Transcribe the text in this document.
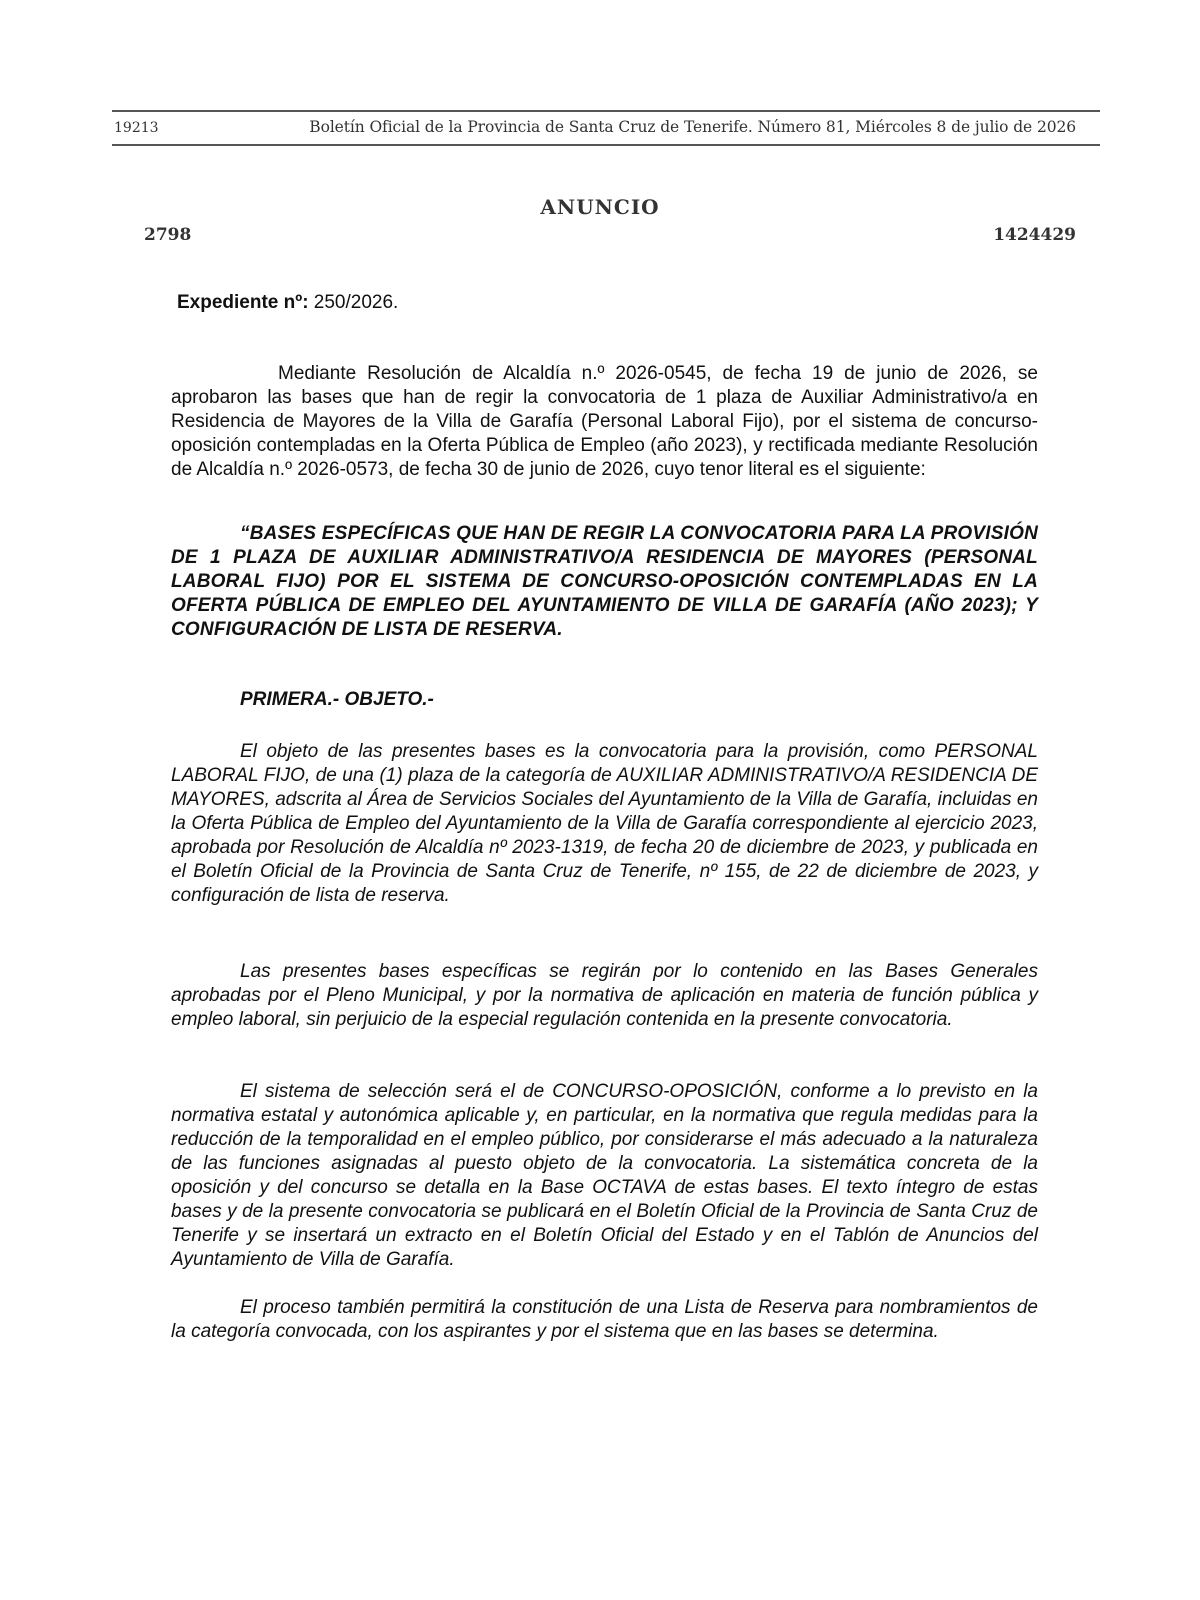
19213	Boletín Oficial de la Provincia de Santa Cruz de Tenerife. Número 81, Miércoles 8 de julio de 2026
ANUNCIO
2798	1424429
Expediente nº: 250/2026.

Mediante Resolución de Alcaldía n.º 2026-0545, de fecha 19 de junio de 2026, se aprobaron las bases que han de regir la convocatoria de 1 plaza de Auxiliar Administrativo/a en Residencia de Mayores de la Villa de Garafía (Personal Laboral Fijo), por el sistema de concurso-oposición contempladas en la Oferta Pública de Empleo (año 2023), y rectificada mediante Resolución de Alcaldía n.º 2026-0573, de fecha 30 de junio de 2026, cuyo tenor literal es el siguiente:

“BASES ESPECÍFICAS QUE HAN DE REGIR LA CONVOCATORIA PARA LA PROVISIÓN DE 1 PLAZA DE AUXILIAR ADMINISTRATIVO/A RESIDENCIA DE MAYORES (PERSONAL LABORAL FIJO) POR EL SISTEMA DE CONCURSO-OPOSICIÓN CONTEMPLADAS EN LA OFERTA PÚBLICA DE EMPLEO DEL AYUNTAMIENTO DE VILLA DE GARAFÍA (AÑO 2023); Y CONFIGURACIÓN DE LISTA DE RESERVA.

PRIMERA.- OBJETO.-

El objeto de las presentes bases es la convocatoria para la provisión, como PERSONAL LABORAL FIJO, de una (1) plaza de la categoría de AUXILIAR ADMINISTRATIVO/A RESIDENCIA DE MAYORES, adscrita al Área de Servicios Sociales del Ayuntamiento de la Villa de Garafía, incluidas en la Oferta Pública de Empleo del Ayuntamiento de la Villa de Garafía correspondiente al ejercicio 2023, aprobada por Resolución de Alcaldía nº 2023-1319, de fecha 20 de diciembre de 2023, y publicada en el Boletín Oficial de la Provincia de Santa Cruz de Tenerife, nº 155, de 22 de diciembre de 2023, y configuración de lista de reserva.

Las presentes bases específicas se regirán por lo contenido en las Bases Generales aprobadas por el Pleno Municipal, y por la normativa de aplicación en materia de función pública y empleo laboral, sin perjuicio de la especial regulación contenida en la presente convocatoria.

El sistema de selección será el de CONCURSO-OPOSICIÓN, conforme a lo previsto en la normativa estatal y autonómica aplicable y, en particular, en la normativa que regula medidas para la reducción de la temporalidad en el empleo público, por considerarse el más adecuado a la naturaleza de las funciones asignadas al puesto objeto de la convocatoria. La sistemática concreta de la oposición y del concurso se detalla en la Base OCTAVA de estas bases. El texto íntegro de estas bases y de la presente convocatoria se publicará en el Boletín Oficial de la Provincia de Santa Cruz de Tenerife y se insertará un extracto en el Boletín Oficial del Estado y en el Tablón de Anuncios del Ayuntamiento de Villa de Garafía.

El proceso también permitirá la constitución de una Lista de Reserva para nombramientos de la categoría convocada, con los aspirantes y por el sistema que en las bases se determina.
